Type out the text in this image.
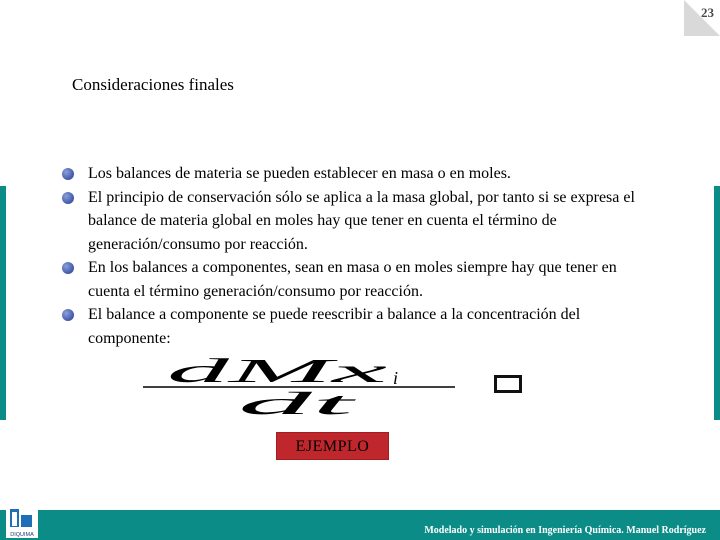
23
Consideraciones finales
Los balances de materia se pueden establecer en masa o en moles.
El principio de conservación sólo se aplica a la masa global, por tanto si se expresa el balance de materia global en moles hay que tener en cuenta el término de generación/consumo por reacción.
En los balances a componentes, sean en masa o en moles siempre hay que tener en cuenta el término generación/consumo por reacción.
El balance a componente se puede reescribir a balance a la concentración del componente:
dMx i
dt
EJEMPLO
DIQUIMA	Modelado y simulación en Ingeniería Química. Manuel Rodríguez
